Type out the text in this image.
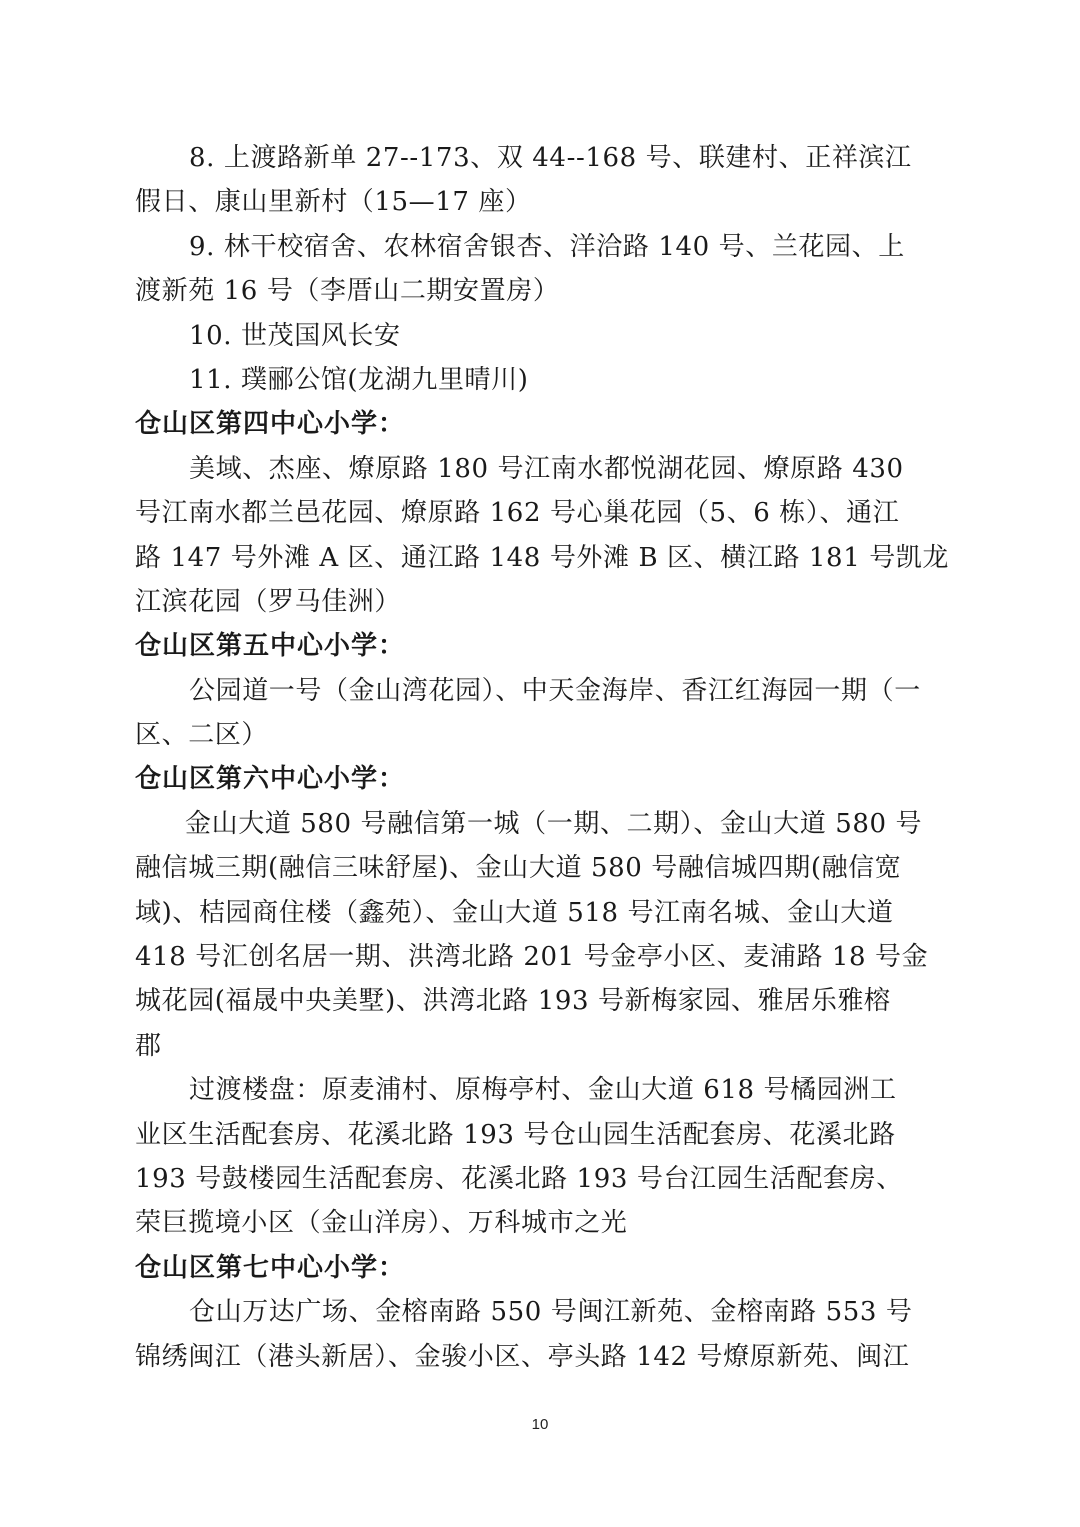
8. 上渡路新单 27--173、双 44--168 号、联建村、正祥滨江
假日、康山里新村（15—17 座）
9. 林干校宿舍、农林宿舍银杏、洋洽路 140 号、兰花园、上
渡新苑 16 号（李厝山二期安置房）
10. 世茂国风长安
11. 璞郦公馆(龙湖九里晴川)
仓山区第四中心小学：
美域、杰座、燎原路 180 号江南水都悦湖花园、燎原路 430
号江南水都兰邑花园、燎原路 162 号心巢花园（5、6 栋）、通江
路 147 号外滩 A 区、通江路 148 号外滩 B 区、横江路 181 号凯龙
江滨花园（罗马佳洲）
仓山区第五中心小学：
公园道一号（金山湾花园）、中天金海岸、香江红海园一期（一
区、二区）
仓山区第六中心小学：
金山大道 580 号融信第一城（一期、二期）、金山大道 580 号
融信城三期(融信三味舒屋)、金山大道 580 号融信城四期(融信宽
域)、桔园商住楼（鑫苑）、金山大道 518 号江南名城、金山大道
418 号汇创名居一期、洪湾北路 201 号金亭小区、麦浦路 18 号金
城花园(福晟中央美墅)、洪湾北路 193 号新梅家园、雅居乐雅榕
郡
过渡楼盘：原麦浦村、原梅亭村、金山大道 618 号橘园洲工
业区生活配套房、花溪北路 193 号仓山园生活配套房、花溪北路
193 号鼓楼园生活配套房、花溪北路 193 号台江园生活配套房、
荣巨揽境小区（金山洋房）、万科城市之光
仓山区第七中心小学：
仓山万达广场、金榕南路 550 号闽江新苑、金榕南路 553 号
锦绣闽江（港头新居）、金骏小区、亭头路 142 号燎原新苑、闽江
10
